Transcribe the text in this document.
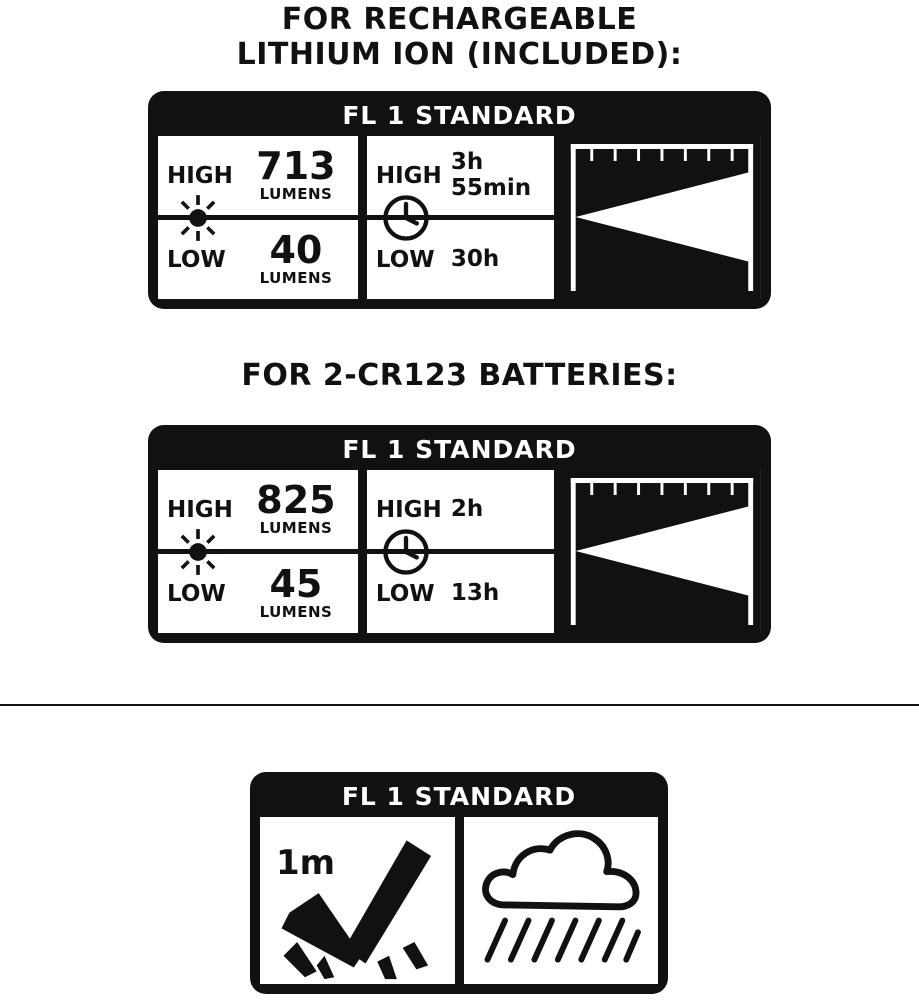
FOR RECHARGEABLE
LITHIUM ION (INCLUDED):
FL 1 STANDARD
HIGH 713
LUMENS
LOW	40
LUMENS
HIGH
3h 55min
LOW 30h
216m
FOR 2-CR123 BATTERIES:
FL 1 STANDARD
HIGH 825
LUMENS
LOW	45
LUMENS
HIGH 2h
LOW 13h
241m
FL 1 STANDARD
1m
